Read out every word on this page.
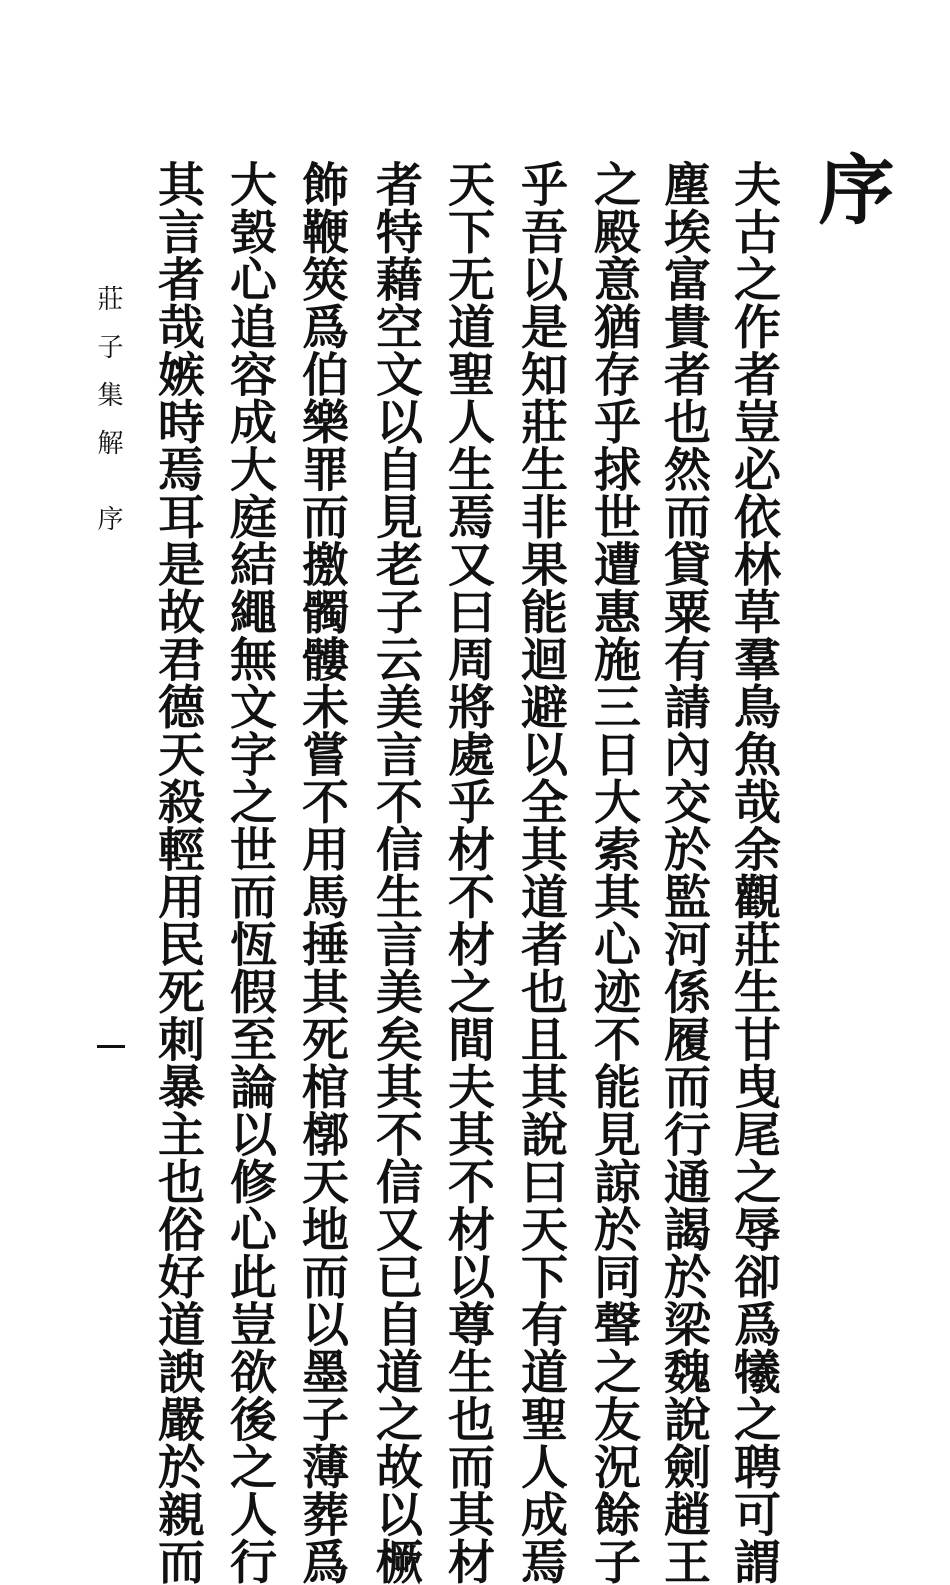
序
夫古之作者豈必依林草羣鳥魚哉余觀莊生甘曳尾之辱卻爲犧之聘可謂
塵埃富貴者也然而貸粟有請內交於監河係履而行通謁於梁魏說劍趙王
之殿意猶存乎捄世遭惠施三日大索其心迹不能見諒於同聲之友況餘子
乎吾以是知莊生非果能迴避以全其道者也且其說曰天下有道聖人成焉
天下无道聖人生焉又曰周將處乎材不材之間夫其不材以尊生也而其材
者特藉空文以自見老子云美言不信生言美矣其不信又已自道之故以橛
飾鞭筴爲伯樂罪而撽髑髏未嘗不用馬捶其死棺槨天地而以墨子薄葬爲
大㲄心追容成大庭結繩無文字之世而恆假至論以修心此豈欲後之人行
其言者哉嫉時焉耳是故君德天殺輕用民死刺暴主也俗好道諛嚴於親而
莊子集解
序
